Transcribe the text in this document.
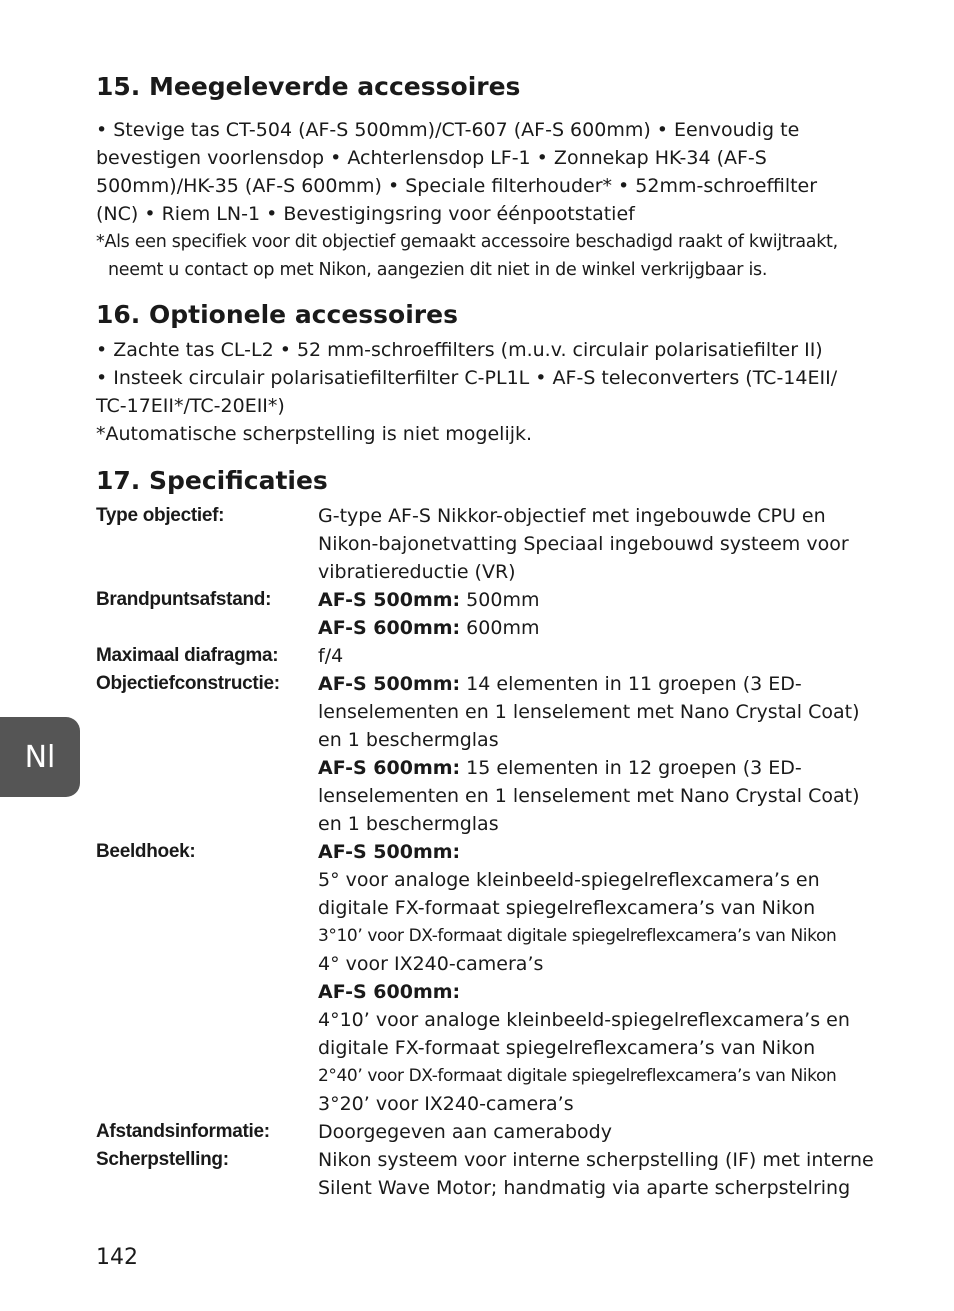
15. Meegeleverde accessoires

• Stevige tas CT-504 (AF-S 500mm)/CT-607 (AF-S 600mm) • Eenvoudig te

bevestigen voorlensdop • Achterlensdop LF-1 • Zonnekap HK-34 (AF-S

500mm)/HK-35 (AF-S 600mm) • Speciale filterhouder* • 52mm-schroeffilter

(NC) • Riem LN-1 • Bevestigingsring voor éénpootstatief

*Als een specifiek voor dit objectief gemaakt accessoire beschadigd raakt of kwijtraakt,

neemt u contact op met Nikon, aangezien dit niet in de winkel verkrijgbaar is.

16. Optionele accessoires

• Zachte tas CL-L2 • 52 mm-schroeffilters (m.u.v. circulair polarisatiefilter II)

• Insteek circulair polarisatiefilterfilter C-PL1L • AF-S teleconverters (TC-14EII/

TC-17EII*/TC-20EII*)

*Automatische scherpstelling is niet mogelijk.

17. Specificaties
Type objectief:	G-type AF-S Nikkor-objectief met ingebouwde CPU en
Nikon-bajonetvatting Speciaal ingebouwd systeem voor
vibratiereductie (VR)
Brandpuntsafstand:	AF-S 500mm: 500mm
AF-S 600mm: 600mm
Maximaal diafragma:	f/4
Objectiefconstructie:	AF-S 500mm: 14 elementen in 11 groepen (3 ED-
lenselementen en 1 lenselement met Nano Crystal Coat)
en 1 beschermglas
AF-S 600mm: 15 elementen in 12 groepen (3 ED-
lenselementen en 1 lenselement met Nano Crystal Coat)
en 1 beschermglas
Beeldhoek:	AF-S 500mm:
5° voor analoge kleinbeeld-spiegelreflexcamera’s en
digitale FX-formaat spiegelreflexcamera’s van Nikon
3°10’ voor DX-formaat digitale spiegelreflexcamera’s van Nikon
4° voor IX240-camera’s
AF-S 600mm:
4°10’ voor analoge kleinbeeld-spiegelreflexcamera’s en
digitale FX-formaat spiegelreflexcamera’s van Nikon
2°40’ voor DX-formaat digitale spiegelreflexcamera’s van Nikon
3°20’ voor IX240-camera’s
Afstandsinformatie:	Doorgegeven aan camerabody
Scherpstelling:	Nikon systeem voor interne scherpstelling (IF) met interne
Silent Wave Motor; handmatig via aparte scherpstelring
Nl
142
